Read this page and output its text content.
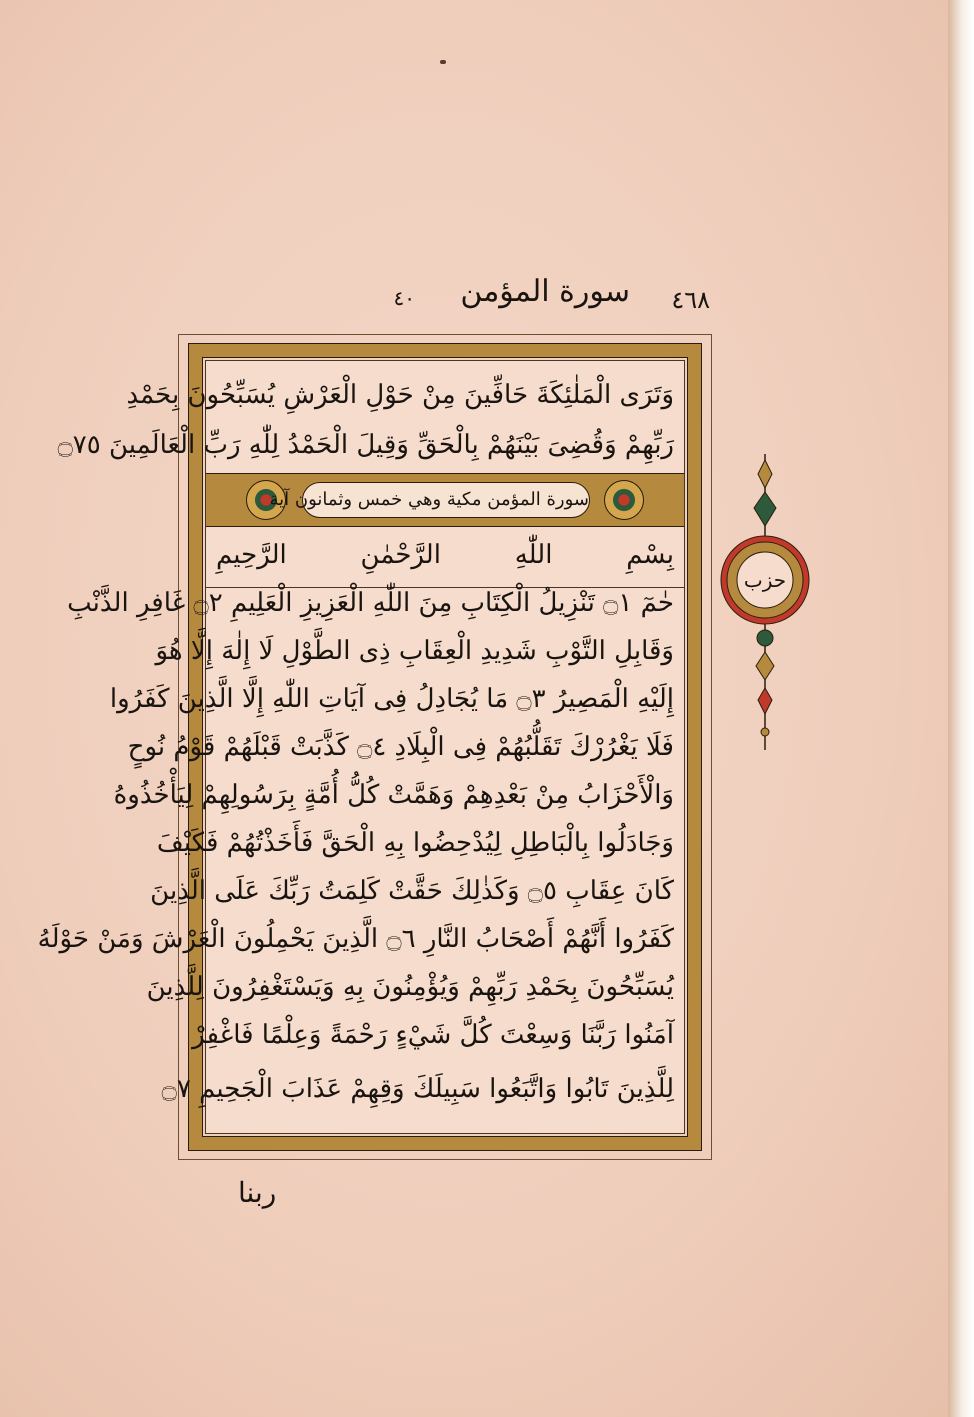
٤٦٨
سورة المؤمن
٤٠
وَتَرَى الْمَلٰئِكَةَ حَافِّينَ مِنْ حَوْلِ الْعَرْشِ يُسَبِّحُونَ بِحَمْدِ
رَبِّهِمْ وَقُضِىَ بَيْنَهُمْ بِالْحَقِّ وَقِيلَ الْحَمْدُ لِلّٰهِ رَبِّ الْعَالَمِينَ ۝٧٥
سورة المؤمن مكية وهي خمس وثمانون آية
بِسْمِ اللّٰهِ الرَّحْمٰنِ الرَّحِيمِ
حٰمٓ ۝١ تَنْزِيلُ الْكِتَابِ مِنَ اللّٰهِ الْعَزِيزِ الْعَلِيمِ ۝٢ غَافِرِ الذَّنْبِ
وَقَابِلِ التَّوْبِ شَدِيدِ الْعِقَابِ ذِى الطَّوْلِ لَا إِلٰهَ إِلَّا هُوَ
إِلَيْهِ الْمَصِيرُ ۝٣ مَا يُجَادِلُ فِى آيَاتِ اللّٰهِ إِلَّا الَّذِينَ كَفَرُوا
فَلَا يَغْرُرْكَ تَقَلُّبُهُمْ فِى الْبِلَادِ ۝٤ كَذَّبَتْ قَبْلَهُمْ قَوْمُ نُوحٍ
وَالْأَحْزَابُ مِنْ بَعْدِهِمْ وَهَمَّتْ كُلُّ أُمَّةٍ بِرَسُولِهِمْ لِيَأْخُذُوهُ
وَجَادَلُوا بِالْبَاطِلِ لِيُدْحِضُوا بِهِ الْحَقَّ فَأَخَذْتُهُمْ فَكَيْفَ
كَانَ عِقَابِ ۝٥ وَكَذٰلِكَ حَقَّتْ كَلِمَتُ رَبِّكَ عَلَى الَّذِينَ
كَفَرُوا أَنَّهُمْ أَصْحَابُ النَّارِ ۝٦ الَّذِينَ يَحْمِلُونَ الْعَرْشَ وَمَنْ حَوْلَهُ
يُسَبِّحُونَ بِحَمْدِ رَبِّهِمْ وَيُؤْمِنُونَ بِهِ وَيَسْتَغْفِرُونَ لِلَّذِينَ
آمَنُوا رَبَّنَا وَسِعْتَ كُلَّ شَيْءٍ رَحْمَةً وَعِلْمًا فَاغْفِرْ
لِلَّذِينَ تَابُوا وَاتَّبَعُوا سَبِيلَكَ وَقِهِمْ عَذَابَ الْجَحِيمِ ۝٧
حزب
ربنا
